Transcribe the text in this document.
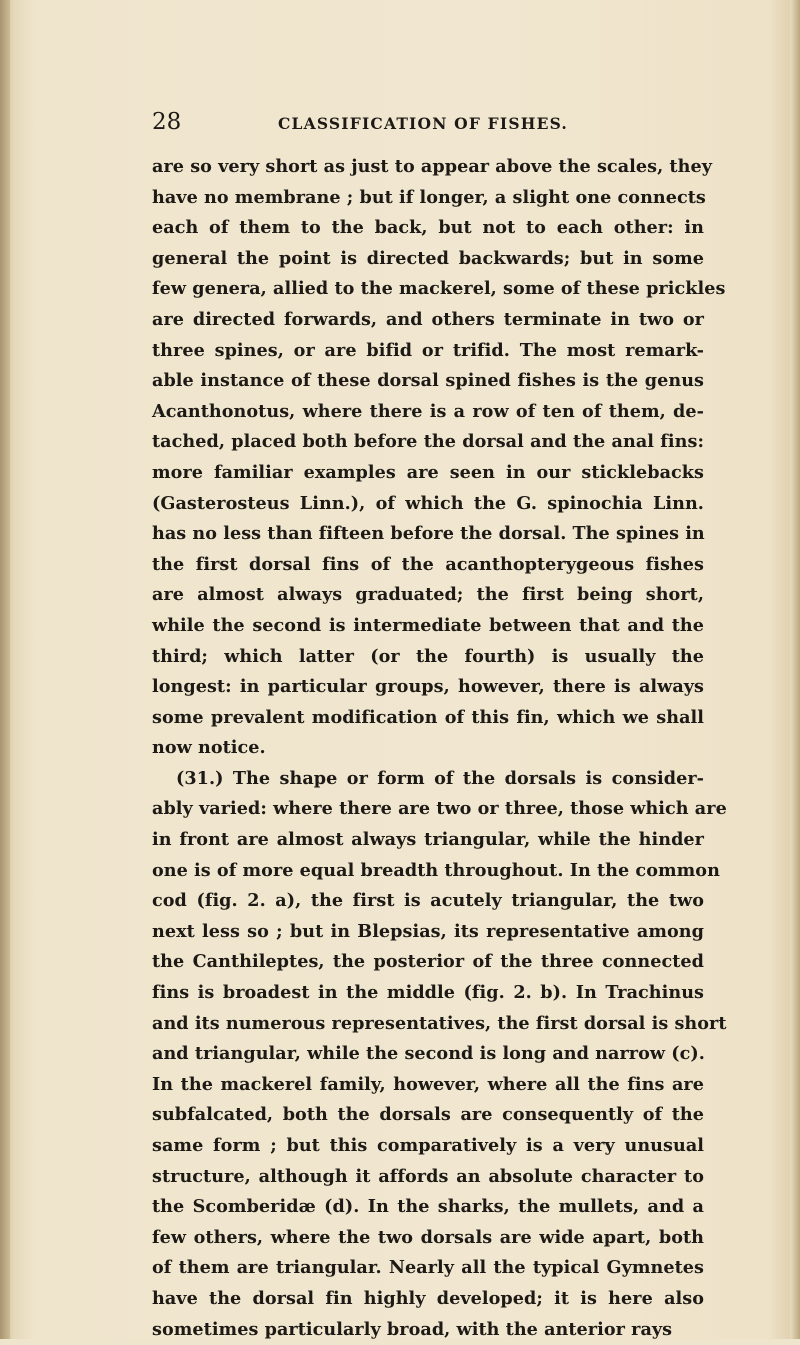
28	CLASSIFICATION OF FISHES.
are so very short as just to appear above the scales, they
have no membrane ; but if longer, a slight one connects
each of them to the back, but not to each other: in
general the point is directed backwards; but in some
few genera, allied to the mackerel, some of these prickles
are directed forwards, and others terminate in two or
three spines, or are bifid or trifid. The most remark-
able instance of these dorsal spined fishes is the genus
Acanthonotus, where there is a row of ten of them, de-
tached, placed both before the dorsal and the anal fins:
more familiar examples are seen in our sticklebacks
(Gasterosteus Linn.), of which the G. spinochia Linn.
has no less than fifteen before the dorsal. The spines in
the first dorsal fins of the acanthopterygeous fishes
are almost always graduated; the first being short,
while the second is intermediate between that and the
third; which latter (or the fourth) is usually the
longest: in particular groups, however, there is always
some prevalent modification of this fin, which we shall
now notice.
(31.) The shape or form of the dorsals is consider-
ably varied: where there are two or three, those which are
in front are almost always triangular, while the hinder
one is of more equal breadth throughout. In the common
cod (fig. 2. a), the first is acutely triangular, the two
next less so ; but in Blepsias, its representative among
the Canthileptes, the posterior of the three connected
fins is broadest in the middle (fig. 2. b). In Trachinus
and its numerous representatives, the first dorsal is short
and triangular, while the second is long and narrow (c).
In the mackerel family, however, where all the fins are
subfalcated, both the dorsals are consequently of the
same form ; but this comparatively is a very unusual
structure, although it affords an absolute character to
the Scomberidæ (d). In the sharks, the mullets, and a
few others, where the two dorsals are wide apart, both
of them are triangular. Nearly all the typical Gymnetes
have the dorsal fin highly developed; it is here also
sometimes particularly broad, with the anterior rays
